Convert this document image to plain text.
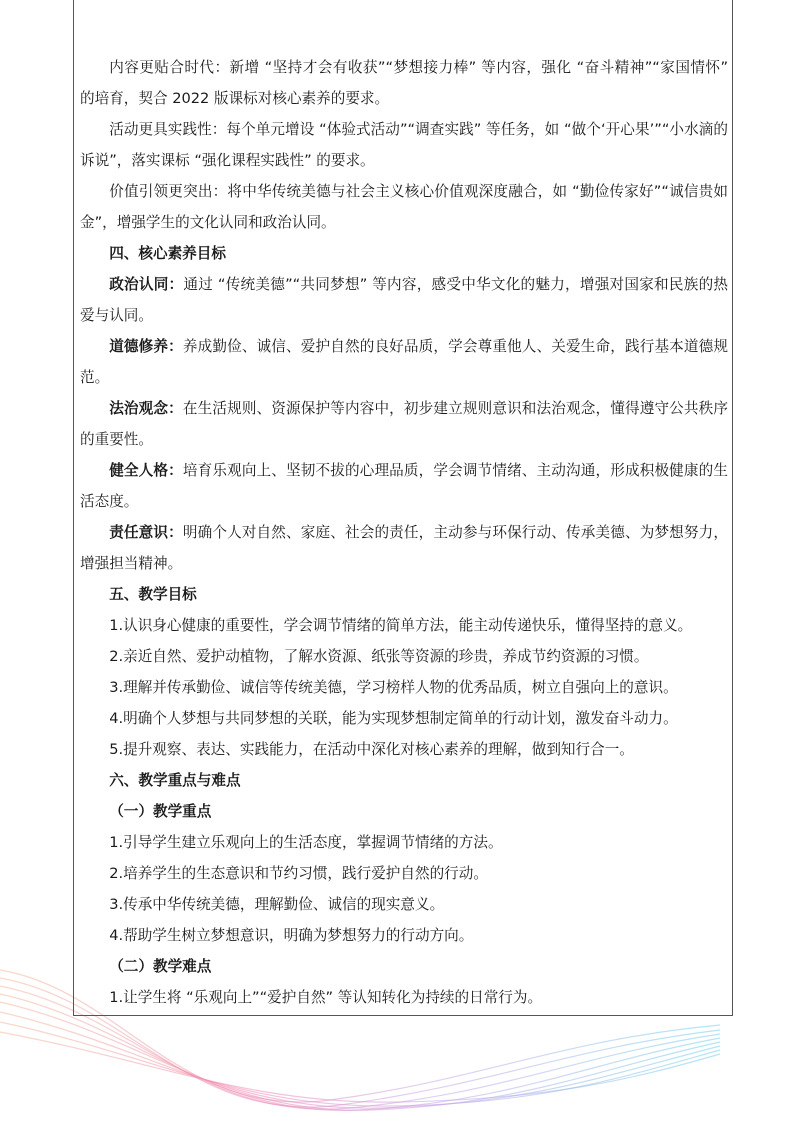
内容更贴合时代：新增 “坚持才会有收获”“梦想接力棒” 等内容，强化 “奋斗精神”“家国情怀” 的培育，契合 2022 版课标对核心素养的要求。

活动更具实践性：每个单元增设 “体验式活动”“调查实践” 等任务，如 “做个‘开心果’”“小水滴的诉说”，落实课标 “强化课程实践性” 的要求。

价值引领更突出：将中华传统美德与社会主义核心价值观深度融合，如 “勤俭传家好”“诚信贵如金”，增强学生的文化认同和政治认同。

四、核心素养目标

政治认同：通过 “传统美德”“共同梦想” 等内容，感受中华文化的魅力，增强对国家和民族的热爱与认同。

道德修养：养成勤俭、诚信、爱护自然的良好品质，学会尊重他人、关爱生命，践行基本道德规范。

法治观念：在生活规则、资源保护等内容中，初步建立规则意识和法治观念，懂得遵守公共秩序的重要性。

健全人格：培育乐观向上、坚韧不拔的心理品质，学会调节情绪、主动沟通，形成积极健康的生活态度。

责任意识：明确个人对自然、家庭、社会的责任，主动参与环保行动、传承美德、为梦想努力，增强担当精神。

五、教学目标

1.认识身心健康的重要性，学会调节情绪的简单方法，能主动传递快乐，懂得坚持的意义。

2.亲近自然、爱护动植物，了解水资源、纸张等资源的珍贵，养成节约资源的习惯。

3.理解并传承勤俭、诚信等传统美德，学习榜样人物的优秀品质，树立自强向上的意识。

4.明确个人梦想与共同梦想的关联，能为实现梦想制定简单的行动计划，激发奋斗动力。

5.提升观察、表达、实践能力，在活动中深化对核心素养的理解，做到知行合一。

六、教学重点与难点

（一）教学重点

1.引导学生建立乐观向上的生活态度，掌握调节情绪的方法。

2.培养学生的生态意识和节约习惯，践行爱护自然的行动。

3.传承中华传统美德，理解勤俭、诚信的现实意义。

4.帮助学生树立梦想意识，明确为梦想努力的行动方向。

（二）教学难点

1.让学生将 “乐观向上”“爱护自然” 等认知转化为持续的日常行为。
